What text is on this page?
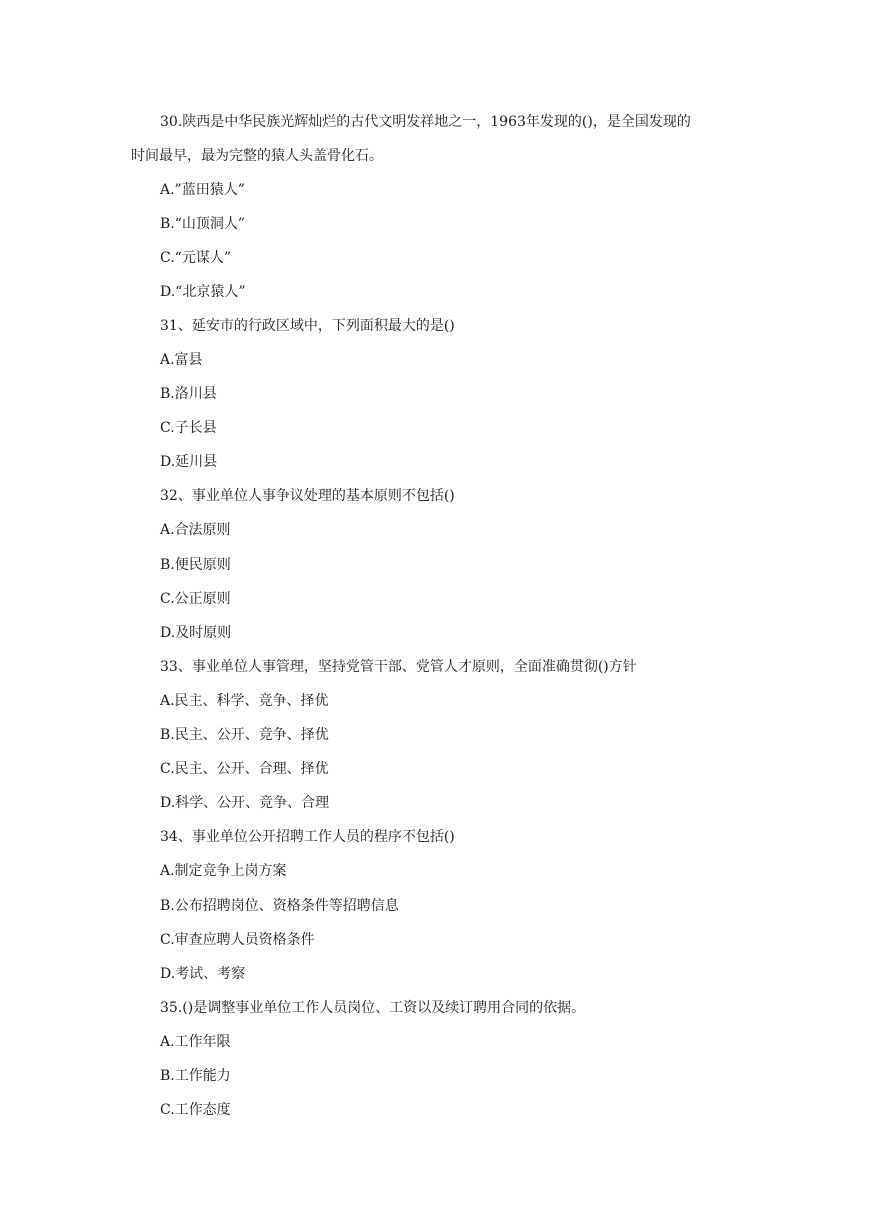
30.陕西是中华民族光辉灿烂的古代文明发祥地之一，1963年发现的()，是全国发现的
时间最早，最为完整的猿人头盖骨化石。
A.”蓝田猿人”
B.“山顶洞人”
C.“元谋人”
D.“北京猿人”
31、延安市的行政区域中，下列面积最大的是()
A.富县
B.洛川县
C.子长县
D.延川县
32、事业单位人事争议处理的基本原则不包括()
A.合法原则
B.便民原则
C.公正原则
D.及时原则
33、事业单位人事管理，坚持党管干部、党管人才原则，全面准确贯彻()方针
A.民主、科学、竞争、择优
B.民主、公开、竞争、择优
C.民主、公开、合理、择优
D.科学、公开、竞争、合理
34、事业单位公开招聘工作人员的程序不包括()
A.制定竞争上岗方案
B.公布招聘岗位、资格条件等招聘信息
C.审查应聘人员资格条件
D.考试、考察
35.()是调整事业单位工作人员岗位、工资以及续订聘用合同的依据。
A.工作年限
B.工作能力
C.工作态度
